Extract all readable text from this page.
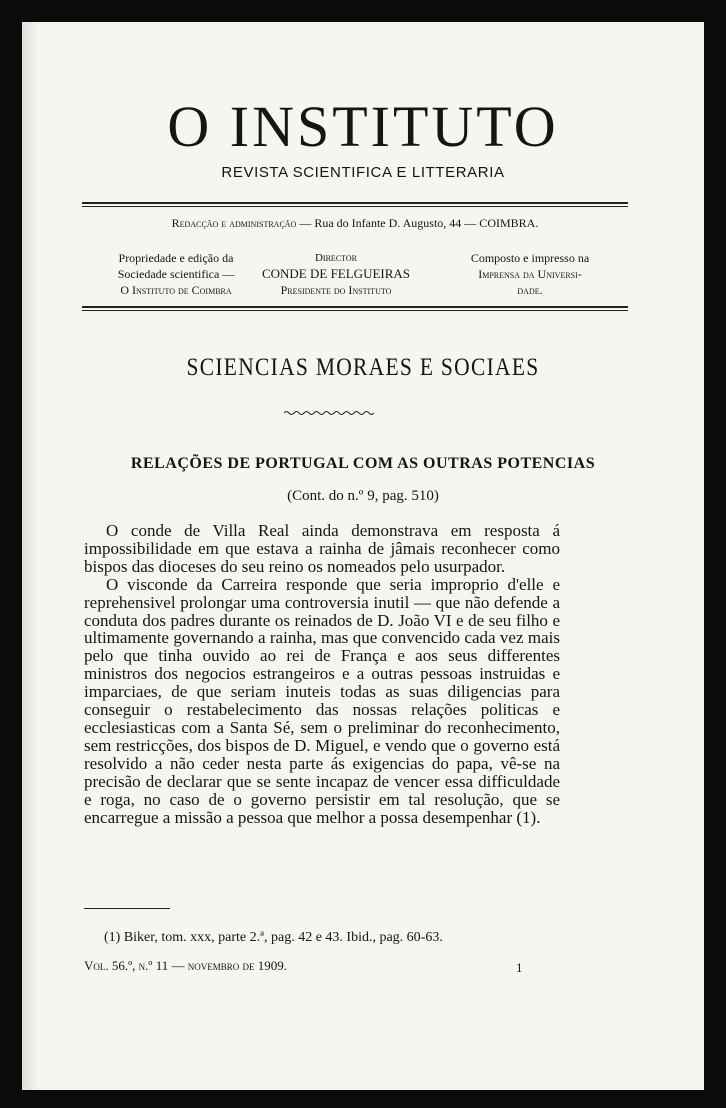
O INSTITUTO
REVISTA SCIENTIFICA E LITTERARIA
Redacção e administração — Rua do Infante D. Augusto, 44 — COIMBRA.
Propriedade e edição da
Sociedade scientifica —
O Instituto de Coimbra
Director
CONDE DE FELGUEIRAS
Presidente do Instituto
Composto e impresso na
Imprensa da Universi-
dade.
SCIENCIAS MORAES E SOCIAES
RELAÇÕES DE PORTUGAL COM AS OUTRAS POTENCIAS
(Cont. do n.º 9, pag. 510)

O conde de Villa Real ainda demonstrava em resposta á impossibilidade em que estava a rainha de jâmais reconhecer como bispos das dioceses do seu reino os nomeados pelo usurpador.

O visconde da Carreira responde que seria improprio d'elle e reprehensivel prolongar uma controversia inutil — que não defende a conduta dos padres durante os reinados de D. João VI e de seu filho e ultimamente governando a rainha, mas que convencido cada vez mais pelo que tinha ouvido ao rei de França e aos seus differentes ministros dos negocios estrangeiros e a outras pessoas instruidas e imparciaes, de que seriam inuteis todas as suas diligencias para conseguir o restabelecimento das nossas relações politicas e ecclesiasticas com a Santa Sé, sem o preliminar do reconhecimento, sem restricções, dos bispos de D. Miguel, e vendo que o governo está resolvido a não ceder nesta parte ás exigencias do papa, vê-se na precisão de declarar que se sente incapaz de vencer essa difficuldade e roga, no caso de o governo persistir em tal resolução, que se encarregue a missão a pessoa que melhor a possa desempenhar (1).

(1) Biker, tom. xxx, parte 2.ª, pag. 42 e 43. Ibid., pag. 60-63.
Vol. 56.º, n.º 11 — novembro de 1909.	1
